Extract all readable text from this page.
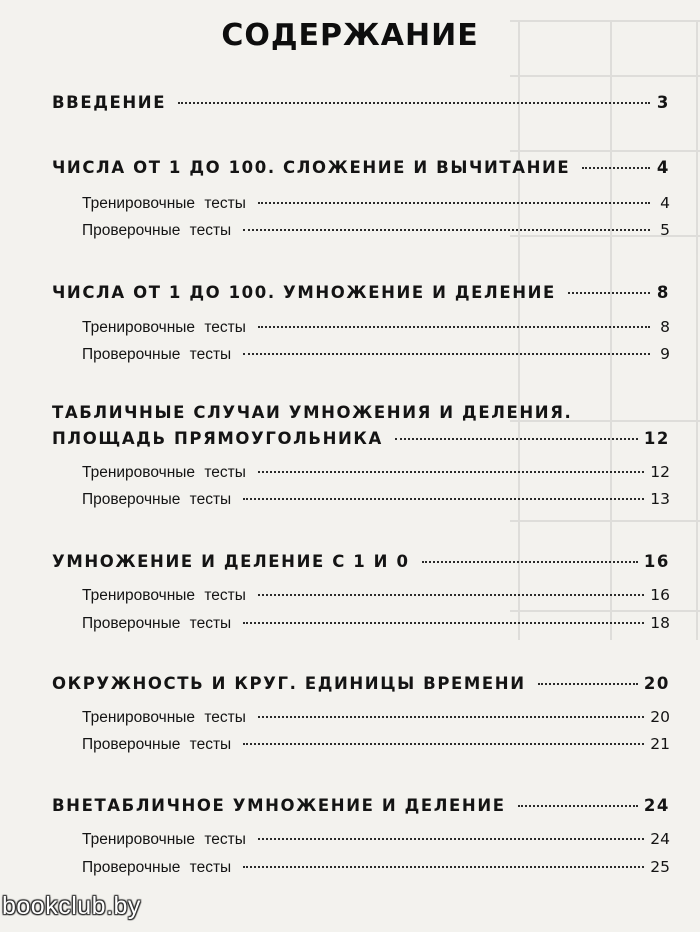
СОДЕРЖАНИЕ
ВВЕДЕНИЕ	3
ЧИСЛА ОТ 1 ДО 100. СЛОЖЕНИЕ И ВЫЧИТАНИЕ	4
Тренировочные тесты	4
Проверочные тесты	5
ЧИСЛА ОТ 1 ДО 100. УМНОЖЕНИЕ И ДЕЛЕНИЕ	8
Тренировочные тесты	8
Проверочные тесты	9
ТАБЛИЧНЫЕ СЛУЧАИ УМНОЖЕНИЯ И ДЕЛЕНИЯ.
ПЛОЩАДЬ ПРЯМОУГОЛЬНИКА	12
Тренировочные тесты	12
Проверочные тесты	13
УМНОЖЕНИЕ И ДЕЛЕНИЕ С 1 И 0	16
Тренировочные тесты	16
Проверочные тесты	18
ОКРУЖНОСТЬ И КРУГ. ЕДИНИЦЫ ВРЕМЕНИ	20
Тренировочные тесты	20
Проверочные тесты	21
ВНЕТАБЛИЧНОЕ УМНОЖЕНИЕ И ДЕЛЕНИЕ	24
Тренировочные тесты	24
Проверочные тесты	25
bookclub.by
